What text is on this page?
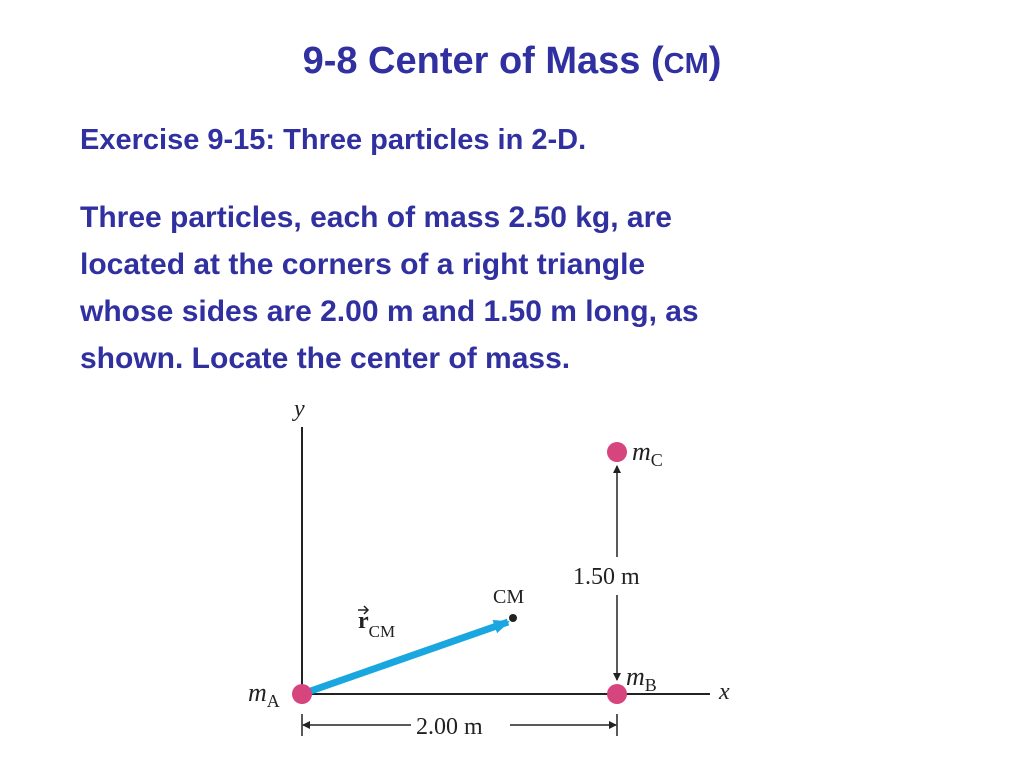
9-8 Center of Mass (CM)

Exercise 9-15: Three particles in 2-D.

Three particles, each of mass 2.50 kg, are
located at the corners of a right triangle
whose sides are 2.00 m and 1.50 m long, as
shown. Locate the center of mass.
y
x
1.50 m
2.00 m
CM
$r_{CM}$
$m_A$
$m_B$
$m_C$
